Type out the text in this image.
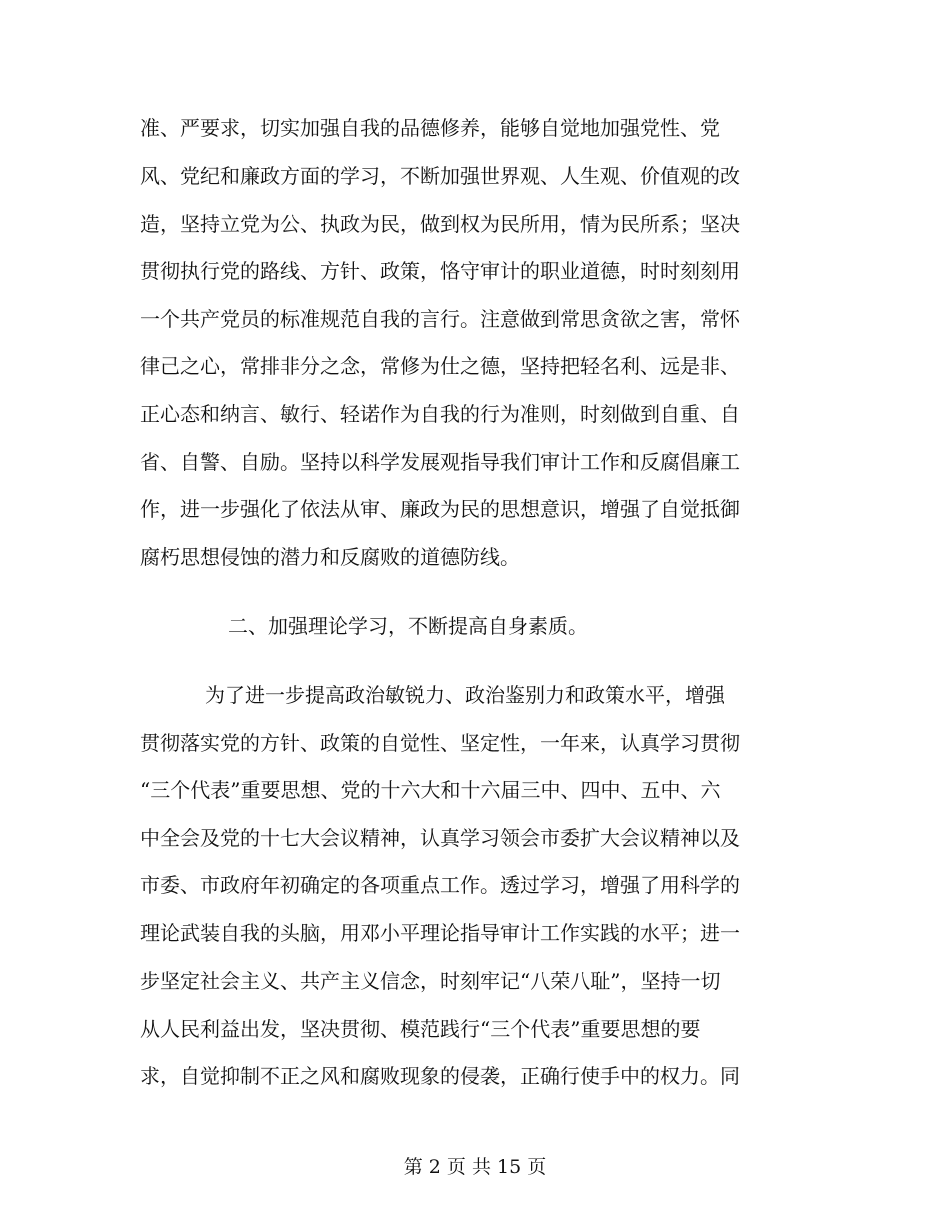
准、严要求，切实加强自我的品德修养，能够自觉地加强党性、党
风、党纪和廉政方面的学习，不断加强世界观、人生观、价值观的改
造，坚持立党为公、执政为民，做到权为民所用，情为民所系；坚决
贯彻执行党的路线、方针、政策，恪守审计的职业道德，时时刻刻用
一个共产党员的标准规范自我的言行。注意做到常思贪欲之害，常怀
律己之心，常排非分之念，常修为仕之德，坚持把轻名利、远是非、
正心态和纳言、敏行、轻诺作为自我的行为准则，时刻做到自重、自
省、自警、自励。坚持以科学发展观指导我们审计工作和反腐倡廉工
作，进一步强化了依法从审、廉政为民的思想意识，增强了自觉抵御
腐朽思想侵蚀的潜力和反腐败的道德防线。
二、加强理论学习，不断提高自身素质。
为了进一步提高政治敏锐力、政治鉴别力和政策水平，增强
贯彻落实党的方针、政策的自觉性、坚定性，一年来，认真学习贯彻
“三个代表”重要思想、党的十六大和十六届三中、四中、五中、六
中全会及党的十七大会议精神，认真学习领会市委扩大会议精神以及
市委、市政府年初确定的各项重点工作。透过学习，增强了用科学的
理论武装自我的头脑，用邓小平理论指导审计工作实践的水平；进一
步坚定社会主义、共产主义信念，时刻牢记“八荣八耻”，坚持一切
从人民利益出发，坚决贯彻、模范践行“三个代表”重要思想的要
求，自觉抑制不正之风和腐败现象的侵袭，正确行使手中的权力。同
第 2 页 共 15 页
